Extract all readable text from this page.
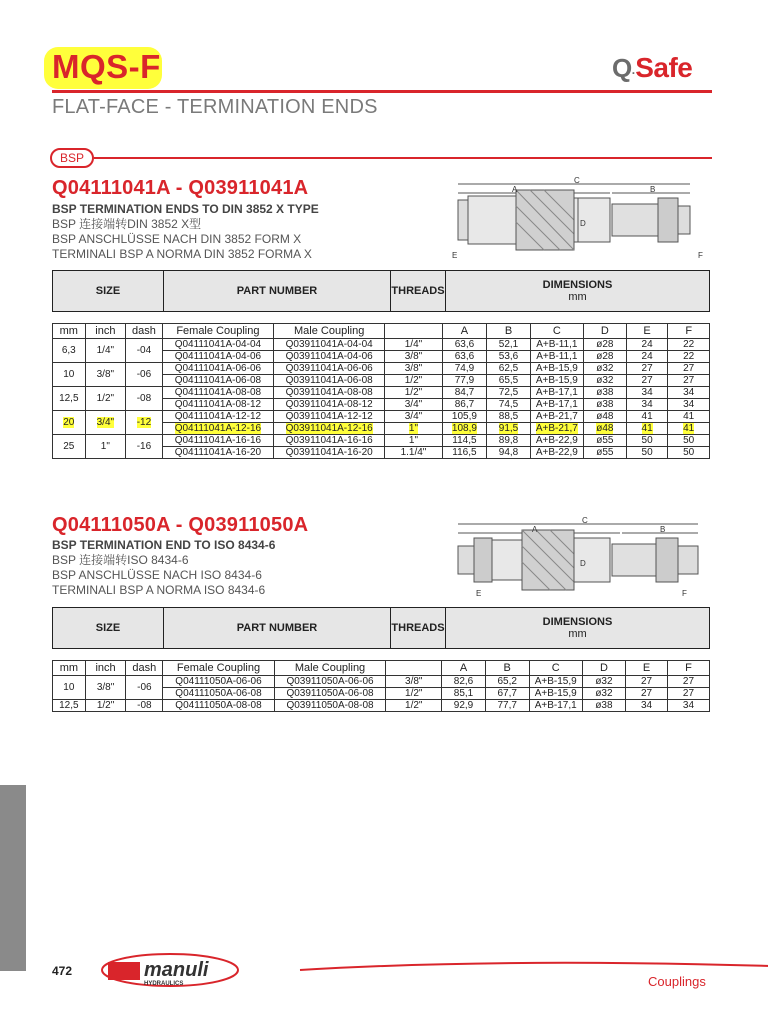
MQS-F	Q·Safe
FLAT-FACE - TERMINATION ENDS
BSP
Q04111041A - Q03911041A
BSP TERMINATION ENDS TO DIN 3852 X TYPE
BSP 连接端转DIN 3852 X型
BSP ANSCHLÜSSE NACH DIN 3852 FORM X
TERMINALI BSP A NORMA DIN 3852 FORMA X
C
A	B
D
E	F
SIZE	PART NUMBER	THREADS	DIMENSIONS
mm
mm	inch	dash	Female Coupling	Male Coupling		A	B	C	D	E	F
6,3	1/4"	-04	Q04111041A-04-04	Q03911041A-04-04	1/4"	63,6	52,1	A+B-11,1	ø28	24	22
			Q04111041A-04-06	Q03911041A-04-06	3/8"	63,6	53,6	A+B-11,1	ø28	24	22
10	3/8"	-06	Q04111041A-06-06	Q03911041A-06-06	3/8"	74,9	62,5	A+B-15,9	ø32	27	27
			Q04111041A-06-08	Q03911041A-06-08	1/2"	77,9	65,5	A+B-15,9	ø32	27	27
12,5	1/2"	-08	Q04111041A-08-08	Q03911041A-08-08	1/2"	84,7	72,5	A+B-17,1	ø38	34	34
			Q04111041A-08-12	Q03911041A-08-12	3/4"	86,7	74,5	A+B-17,1	ø38	34	34
20	3/4"	-12	Q04111041A-12-12	Q03911041A-12-12	3/4"	105,9	88,5	A+B-21,7	ø48	41	41
			Q04111041A-12-16	Q03911041A-12-16	1"	108,9	91,5	A+B-21,7	ø48	41	41
25	1"	-16	Q04111041A-16-16	Q03911041A-16-16	1"	114,5	89,8	A+B-22,9	ø55	50	50
			Q04111041A-16-20	Q03911041A-16-20	1.1/4"	116,5	94,8	A+B-22,9	ø55	50	50
Q04111050A - Q03911050A
BSP TERMINATION END TO ISO 8434-6
BSP 连接端转ISO 8434-6
BSP ANSCHLÜSSE NACH ISO 8434-6
TERMINALI BSP A NORMA ISO 8434-6
C
A	B
D
E	F
SIZE	PART NUMBER	THREADS	DIMENSIONS
mm
mm	inch	dash	Female Coupling	Male Coupling		A	B	C	D	E	F
10	3/8"	-06	Q04111050A-06-06	Q03911050A-06-06	3/8"	82,6	65,2	A+B-15,9	ø32	27	27
			Q04111050A-06-08	Q03911050A-06-08	1/2"	85,1	67,7	A+B-15,9	ø32	27	27
12,5	1/2"	-08	Q04111050A-08-08	Q03911050A-08-08	1/2"	92,9	77,7	A+B-17,1	ø38	34	34
472	manuli
HYDRAULICS	Couplings
